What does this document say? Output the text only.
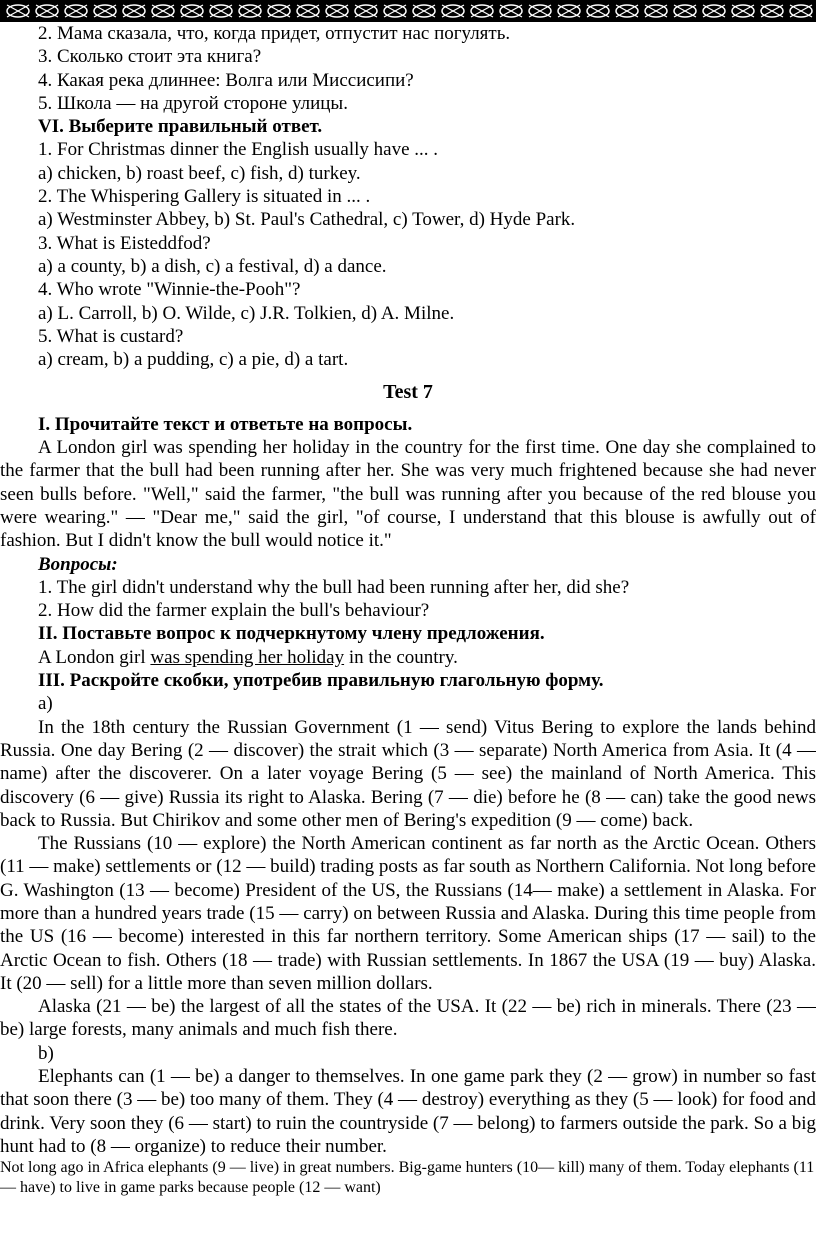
2. Мама сказала, что, когда придет, отпустит нас погулять.
3. Сколько стоит эта книга?
4. Какая река длиннее: Волга или Миссисипи?
5. Школа — на другой стороне улицы.
VI. Выберите правильный ответ.
1. For Christmas dinner the English usually have ... .
a) chicken, b) roast beef, c) fish, d) turkey.
2. The Whispering Gallery is situated in ... .
a) Westminster Abbey, b) St. Paul's Cathedral, c) Tower, d) Hyde Park.
3. What is Eisteddfod?
a) a county, b) a dish, c) a festival, d) a dance.
4. Who wrote "Winnie-the-Pooh"?
a) L. Carroll, b) O. Wilde, c) J.R. Tolkien, d) A. Milne.
5. What is custard?
a) cream, b) a pudding, c) a pie, d) a tart.
Test 7
I. Прочитайте текст и ответьте на вопросы.
A London girl was spending her holiday in the country for the first time. One day she complained to the farmer that the bull had been running after her. She was very much frightened because she had never seen bulls before. "Well," said the farmer, "the bull was running after you because of the red blouse you were wearing." — "Dear me," said the girl, "of course, I understand that this blouse is awfully out of fashion. But I didn't know the bull would notice it."
Вопросы:
1. The girl didn't understand why the bull had been running after her, did she?
2. How did the farmer explain the bull's behaviour?
II. Поставьте вопрос к подчеркнутому члену предложения.
A London girl was spending her holiday in the country.
III. Раскройте скобки, употребив правильную глагольную форму.
a)
In the 18th century the Russian Government (1 — send) Vitus Bering to explore the lands behind Russia. One day Bering (2 — discover) the strait which (3 — separate) North America from Asia. It (4 — name) after the discoverer. On a later voyage Bering (5 — see) the mainland of North America. This discovery (6 — give) Russia its right to Alaska. Bering (7 — die) before he (8 — can) take the good news back to Russia. But Chirikov and some other men of Bering's expedition (9 — come) back.
The Russians (10 — explore) the North American continent as far north as the Arctic Ocean. Others (11 — make) settlements or (12 — build) trading posts as far south as Northern California. Not long before G. Washington (13 — become) President of the US, the Russians (14— make) a settlement in Alaska. For more than a hundred years trade (15 — carry) on between Russia and Alaska. During this time people from the US (16 — become) interested in this far northern territory. Some American ships (17 — sail) to the Arctic Ocean to fish. Others (18 — trade) with Russian settlements. In 1867 the USA (19 — buy) Alaska. It (20 — sell) for a little more than seven million dollars.
Alaska (21 — be) the largest of all the states of the USA. It (22 — be) rich in minerals. There (23 — be) large forests, many animals and much fish there.
b)
Elephants can (1 — be) a danger to themselves. In one game park they (2 — grow) in number so fast that soon there (3 — be) too many of them. They (4 — destroy) everything as they (5 — look) for food and drink. Very soon they (6 — start) to ruin the countryside (7 — belong) to farmers outside the park. So a big hunt had to (8 — organize) to reduce their number.
Not long ago in Africa elephants (9 — live) in great numbers. Big-game hunters (10— kill) many of them. Today elephants (11 — have) to live in game parks because people (12 — want)
